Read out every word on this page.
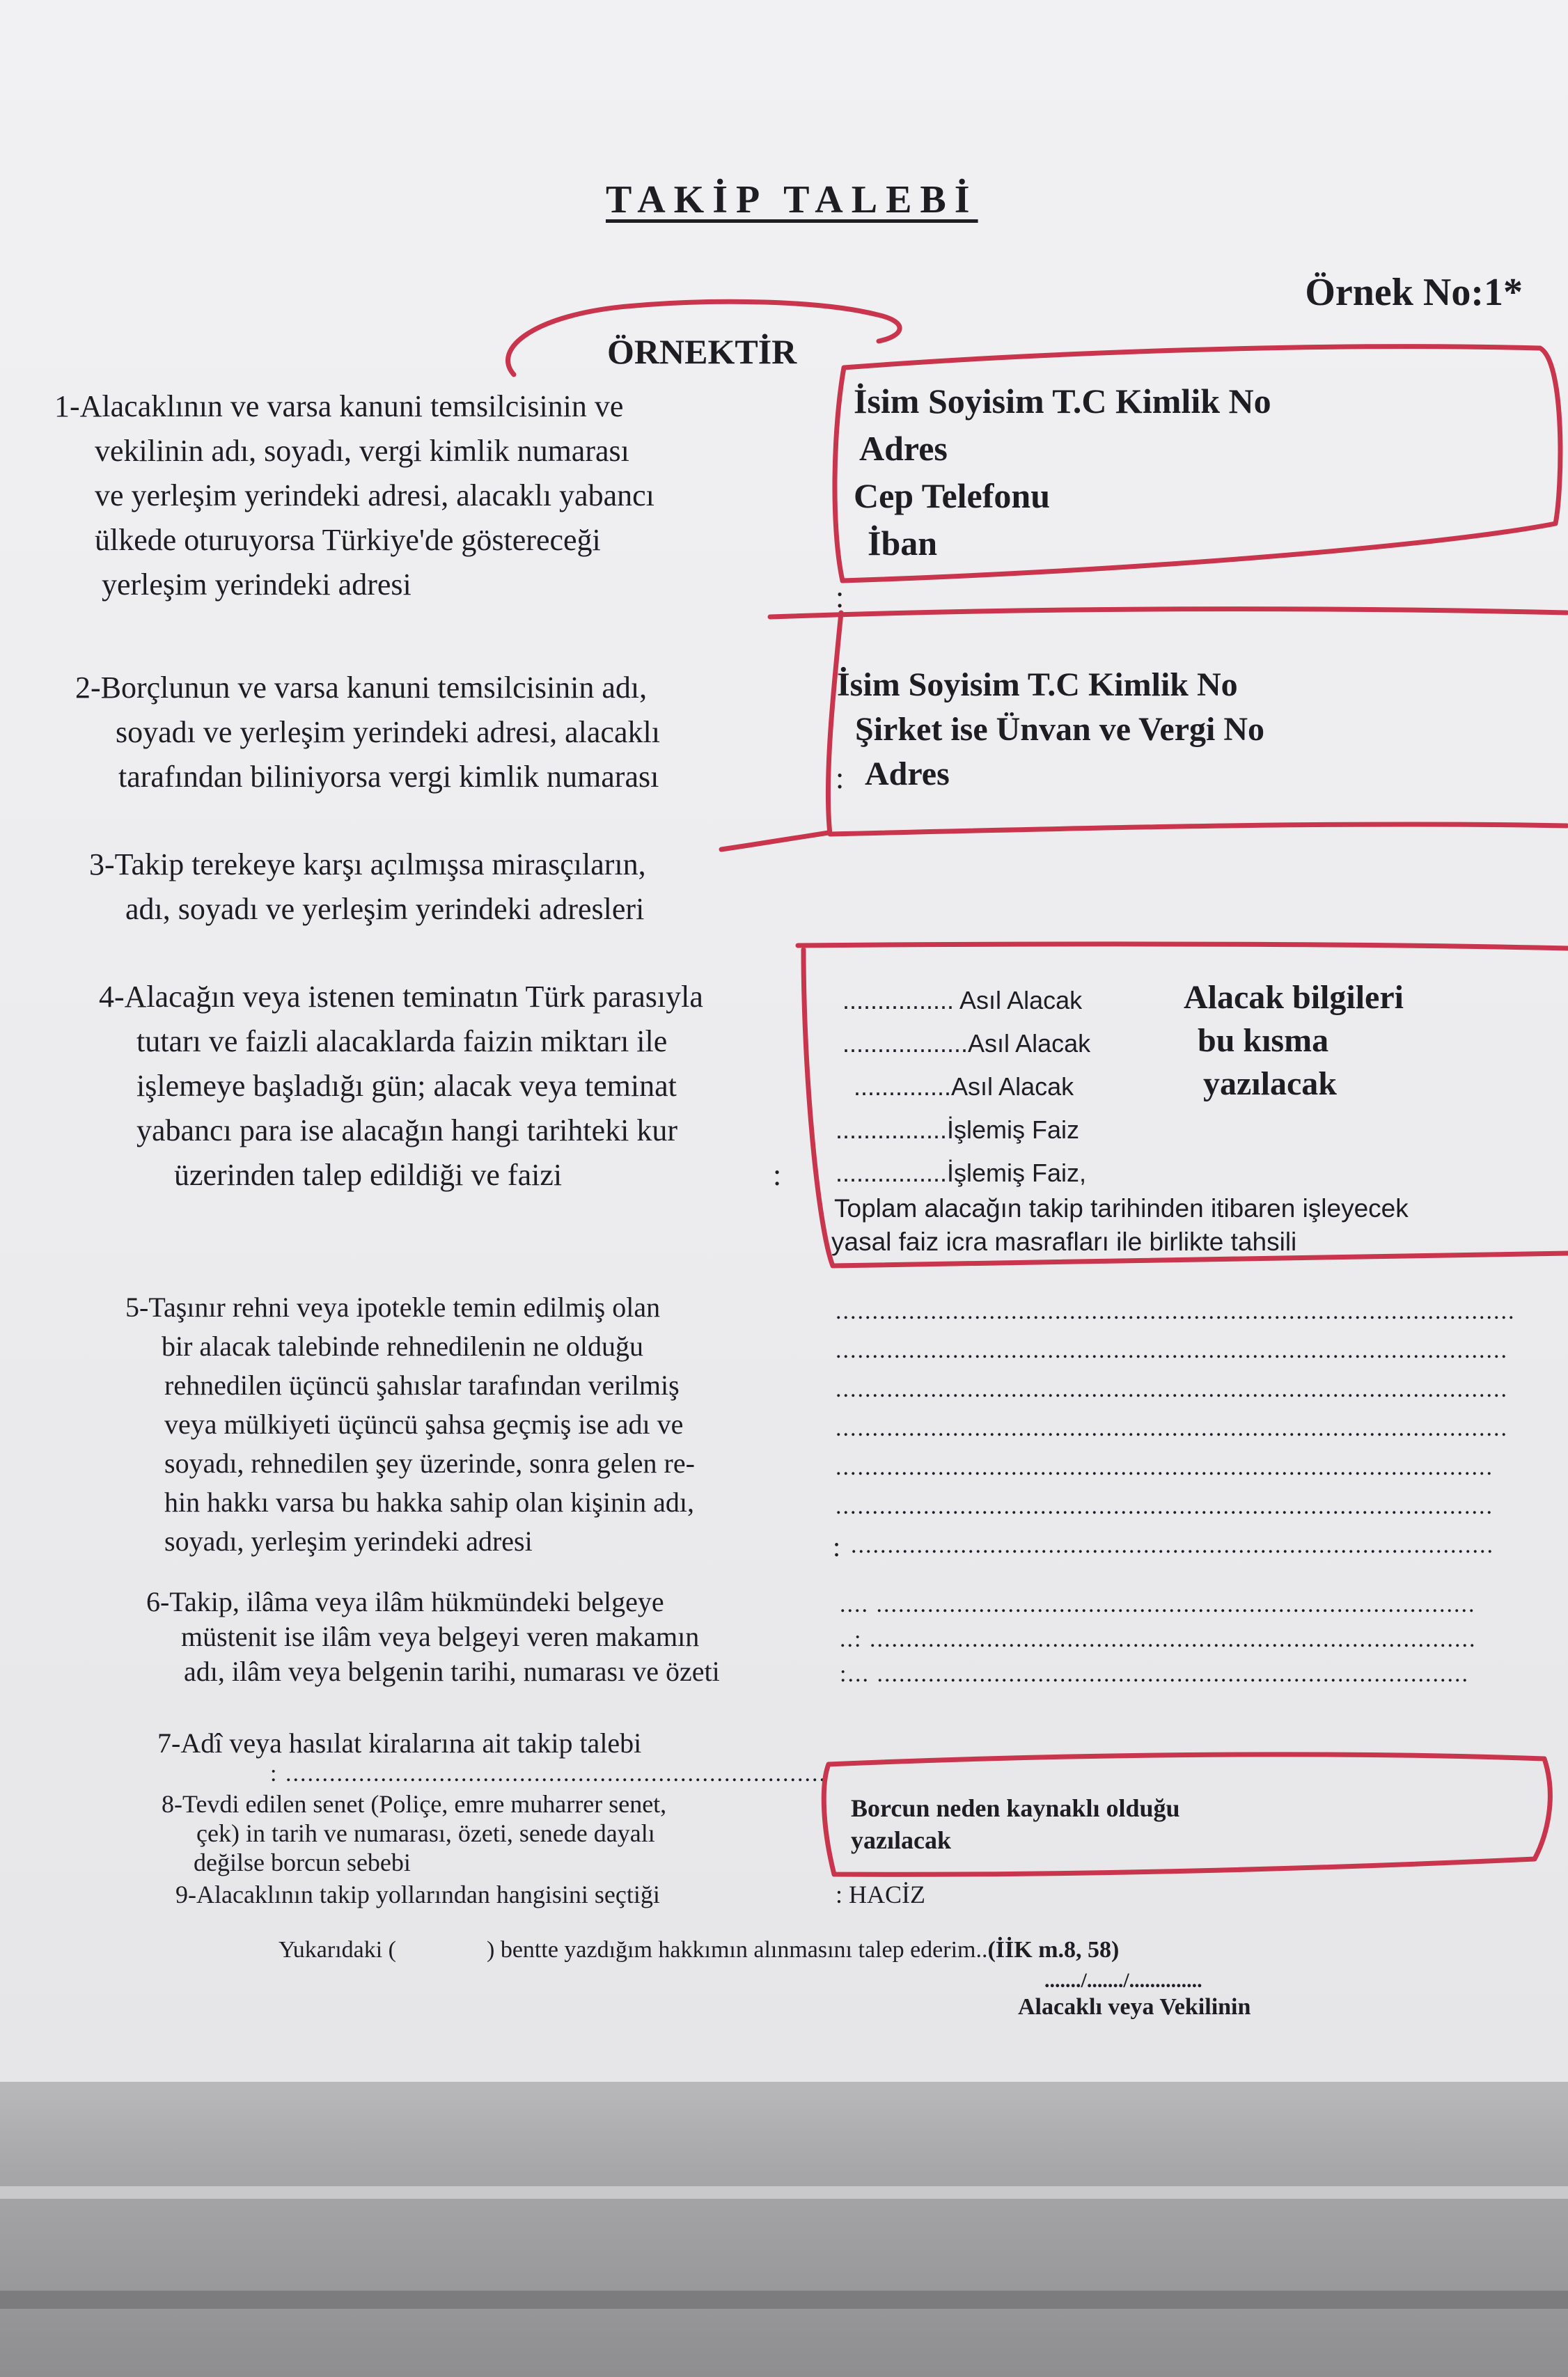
TAKİP TALEBİ
Örnek No:1*
ÖRNEKTİR
1-Alacaklının ve varsa kanuni temsilcisinin ve
vekilinin adı, soyadı, vergi kimlik numarası
ve yerleşim yerindeki adresi, alacaklı yabancı
ülkede oturuyorsa Türkiye'de göstereceği
yerleşim yerindeki adresi	:
İsim Soyisim T.C Kimlik No
Adres
Cep Telefonu
İban
2-Borçlunun ve varsa kanuni temsilcisinin adı,
soyadı ve yerleşim yerindeki adresi, alacaklı
tarafından biliniyorsa vergi kimlik numarası	:
İsim Soyisim T.C Kimlik No
Şirket ise Ünvan ve Vergi No
Adres
3-Takip terekeye karşı açılmışsa mirasçıların,
adı, soyadı ve yerleşim yerindeki adresleri
4-Alacağın veya istenen teminatın Türk parasıyla
tutarı ve faizli alacaklarda faizin miktarı ile
işlemeye başladığı gün; alacak veya teminat
yabancı para ise alacağın hangi tarihteki kur
üzerinden talep edildiği ve faizi	:
................ Asıl Alacak
..................Asıl Alacak
..............Asıl Alacak
................İşlemiş Faiz
................İşlemiş Faiz,
Alacak bilgileri
bu kısma
yazılacak
Toplam alacağın takip tarihinden itibaren işleyecek
yasal faiz icra masrafları ile birlikte tahsili
5-Taşınır rehni veya ipotekle temin edilmiş olan
bir alacak talebinde rehnedilenin ne olduğu
rehnedilen üçüncü şahıslar tarafından verilmiş
veya mülkiyeti üçüncü şahsa geçmiş ise adı ve
soyadı, rehnedilen şey üzerinde, sonra gelen re-
hin hakkı varsa bu hakka sahip olan kişinin adı,
soyadı, yerleşim yerindeki adresi	:
.............................................................................................
............................................................................................
............................................................................................
............................................................................................
..........................................................................................
..........................................................................................
........................................................................................
6-Takip, ilâma veya ilâm hükmündeki belgeye
müstenit ise ilâm veya belgeyi veren makamın
adı, ilâm veya belgenin tarihi, numarası ve özeti
.... ..................................................................................
..: ...................................................................................
:... .................................................................................
7-Adî veya hasılat kiralarına ait takip talebi
: ..........................................................................
8-Tevdi edilen senet (Poliçe, emre muharrer senet,
çek) in tarih ve numarası, özeti, senede dayalı
değilse borcun sebebi
Borcun neden kaynaklı olduğu
yazılacak
9-Alacaklının takip yollarından hangisini seçtiği	: HACİZ
Yukarıdaki (	) bentte yazdığım hakkımın alınmasını talep ederim..(İİK m.8, 58)
......./......./..............
Alacaklı veya Vekilinin
